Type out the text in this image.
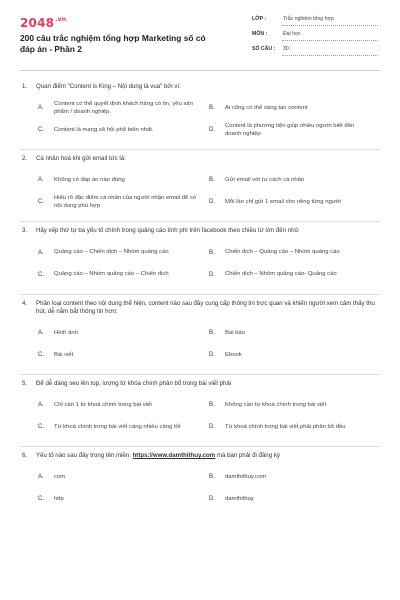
$2048^{.vn}$
200 câu trắc nghiệm tổng hợp Marketing số có đáp án - Phần 2
LỚP :	Trắc nghiệm tổng hợp
MÔN :	Đại học
SỐ CÂU : 30
1.	Quan điểm "Content is King – Nội dung là vua" bởi vì:
A.
Content có thể quyết định khách hàng có tin, yêu sản phẩm / doanh nghiệp.
B.	Ai cũng có thể sáng tạo content
C.	Content là mạng xã hội phổ biến nhất.	D.
Content là phương tiện giúp nhiều người biết đến doanh nghiệp
2.	Cá nhân hoá khi gửi email tức là:
A.	Không có đáp án nào đúng	B.	Gửi email với tư cách cá nhân
C.
Hiểu rõ đặc điểm cá nhân của người nhận email để có nội dung phù hợp
D.	Mỗi lần chỉ gửi 1 email cho riêng từng người
3.	Hãy xếp thứ tự ba yếu tố chính trong quảng cáo tính phí trên facebook theo chiều từ lớn đến nhỏ:
A.	Quảng cáo – Chiến dịch – Nhóm quảng cáo	B.	Chiến dịch – Quảng cáo – Nhóm quảng cáo
C.	Quảng cáo – Nhóm quảng cáo – Chiến dịch	D.	Chiến dịch – Nhóm quảng cáo- Quảng cáo
4.	Phân loại content theo nội dung thể hiện, content nào sau đây cung cấp thông tin trực quan và khiến người xem cảm thấy thu hút, dễ nắm bắt thông tin hơn:
A.	Hình ảnh	B.	Bài báo
C.	Bài viết	D.	Ebook
5.	Để dễ dàng seo lên top, lượng từ khóa chính phân bổ trong bài viết phải
A.	Chỉ cần 1 từ khoá chính trong bài viết	B.	Không cần từ khoá chính trong bài viết
C.	Từ khoá chính trong bài viết càng nhiều càng tốt	D.	Từ khoá chính trong bài viết phải phân bổ đều
6.	Yếu tố nào sau đây trong tên miền: https://www.damthithuy.com mà bạn phải đi đăng ký
A.	com	B.	damthithuy.com
C.	http	D.	damthithuy
